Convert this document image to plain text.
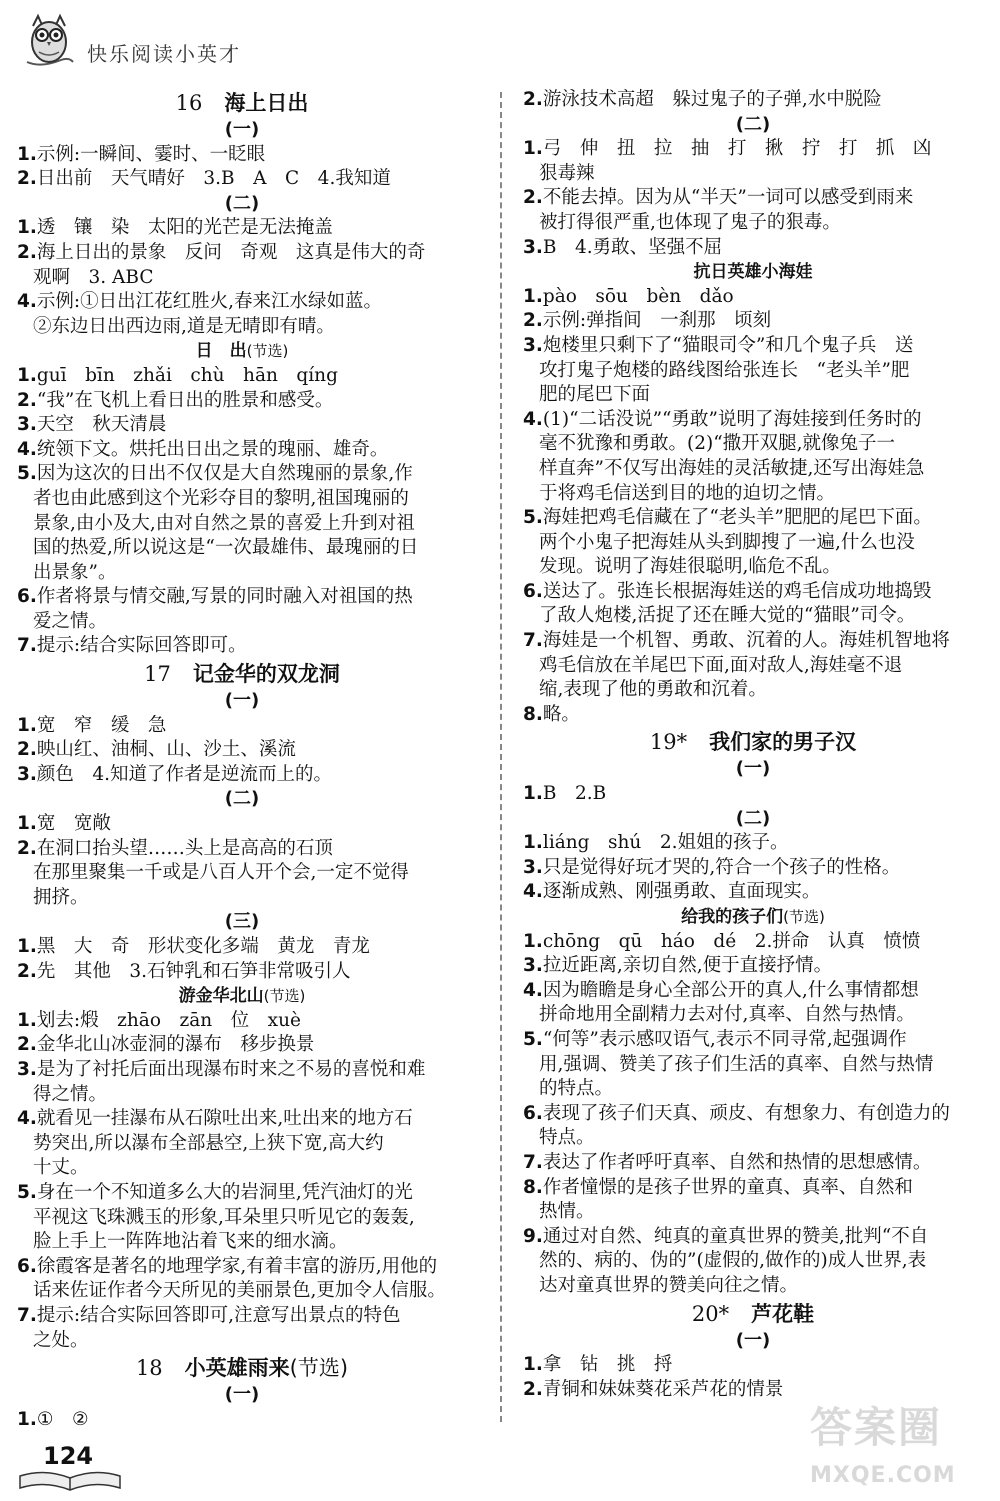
快乐阅读小英才
16 海上日出
(一)
1.示例:一瞬间、霎时、一眨眼
2.日出前　天气晴好　3.B　A　C　4.我知道
(二)
1.透　镶　染　太阳的光芒是无法掩盖
2.海上日出的景象　反问　奇观　这真是伟大的奇
观啊　3. ABC
4.示例:①日出江花红胜火,春来江水绿如蓝。
②东边日出西边雨,道是无晴即有晴。
日　出(节选)
1.guī　bīn　zhǎi　chù　hān　qíng
2.“我”在飞机上看日出的胜景和感受。
3.天空　秋天清晨
4.统领下文。烘托出日出之景的瑰丽、雄奇。
5.因为这次的日出不仅仅是大自然瑰丽的景象,作
者也由此感到这个光彩夺目的黎明,祖国瑰丽的
景象,由小及大,由对自然之景的喜爱上升到对祖
国的热爱,所以说这是“一次最雄伟、最瑰丽的日
出景象”。
6.作者将景与情交融,写景的同时融入对祖国的热
爱之情。
7.提示:结合实际回答即可。
17 记金华的双龙洞
(一)
1.宽　窄　缓　急
2.映山红、油桐、山、沙土、溪流
3.颜色　4.知道了作者是逆流而上的。
(二)
1.宽　宽敞
2.在洞口抬头望……头上是高高的石顶
在那里聚集一千或是八百人开个会,一定不觉得
拥挤。
(三)
1.黑　大　奇　形状变化多端　黄龙　青龙
2.先　其他　3.石钟乳和石笋非常吸引人
游金华北山(节选)
1.划去:煅　zhāo　zān　位　xuè
2.金华北山冰壶洞的瀑布　移步换景
3.是为了衬托后面出现瀑布时来之不易的喜悦和难
得之情。
4.就看见一挂瀑布从石隙吐出来,吐出来的地方石
势突出,所以瀑布全部悬空,上狭下宽,高大约
十丈。
5.身在一个不知道多么大的岩洞里,凭汽油灯的光
平视这飞珠溅玉的形象,耳朵里只听见它的轰轰,
脸上手上一阵阵地沾着飞来的细水滴。
6.徐霞客是著名的地理学家,有着丰富的游历,用他的
话来佐证作者今天所见的美丽景色,更加令人信服。
7.提示:结合实际回答即可,注意写出景点的特色
之处。
18 小英雄雨来(节选)
(一)
1.①　②
2.游泳技术高超　躲过鬼子的子弹,水中脱险
(二)
1.弓　伸　扭　拉　抽　打　揪　拧　打　抓　凶
狠毒辣
2.不能去掉。因为从“半天”一词可以感受到雨来
被打得很严重,也体现了鬼子的狠毒。
3.B　4.勇敢、坚强不屈
抗日英雄小海娃
1.pào　sōu　bèn　dǎo
2.示例:弹指间　一刹那　顷刻
3.炮楼里只剩下了“猫眼司令”和几个鬼子兵　送
攻打鬼子炮楼的路线图给张连长　“老头羊”肥
肥的尾巴下面
4.(1)“二话没说”“勇敢”说明了海娃接到任务时的
毫不犹豫和勇敢。(2)“撒开双腿,就像兔子一
样直奔”不仅写出海娃的灵活敏捷,还写出海娃急
于将鸡毛信送到目的地的迫切之情。
5.海娃把鸡毛信藏在了“老头羊”肥肥的尾巴下面。
两个小鬼子把海娃从头到脚搜了一遍,什么也没
发现。说明了海娃很聪明,临危不乱。
6.送达了。张连长根据海娃送的鸡毛信成功地捣毁
了敌人炮楼,活捉了还在睡大觉的“猫眼”司令。
7.海娃是一个机智、勇敢、沉着的人。海娃机智地将
鸡毛信放在羊尾巴下面,面对敌人,海娃毫不退
缩,表现了他的勇敢和沉着。
8.略。
19* 我们家的男子汉
(一)
1.B　2.B
(二)
1.liáng　shú　2.姐姐的孩子。
3.只是觉得好玩才哭的,符合一个孩子的性格。
4.逐渐成熟、刚强勇敢、直面现实。
给我的孩子们(节选)
1.chōng　qū　háo　dé　2.拼命　认真　愤愤
3.拉近距离,亲切自然,便于直接抒情。
4.因为瞻瞻是身心全部公开的真人,什么事情都想
拼命地用全副精力去对付,真率、自然与热情。
5.“何等”表示感叹语气,表示不同寻常,起强调作
用,强调、赞美了孩子们生活的真率、自然与热情
的特点。
6.表现了孩子们天真、顽皮、有想象力、有创造力的
特点。
7.表达了作者呼吁真率、自然和热情的思想感情。
8.作者憧憬的是孩子世界的童真、真率、自然和
热情。
9.通过对自然、纯真的童真世界的赞美,批判“不自
然的、病的、伪的”(虚假的,做作的)成人世界,表
达对童真世界的赞美向往之情。
20* 芦花鞋
(一)
1.拿　钻　挑　捋
2.青铜和妹妹葵花采芦花的情景
124
答案圈
MXQE.COM
